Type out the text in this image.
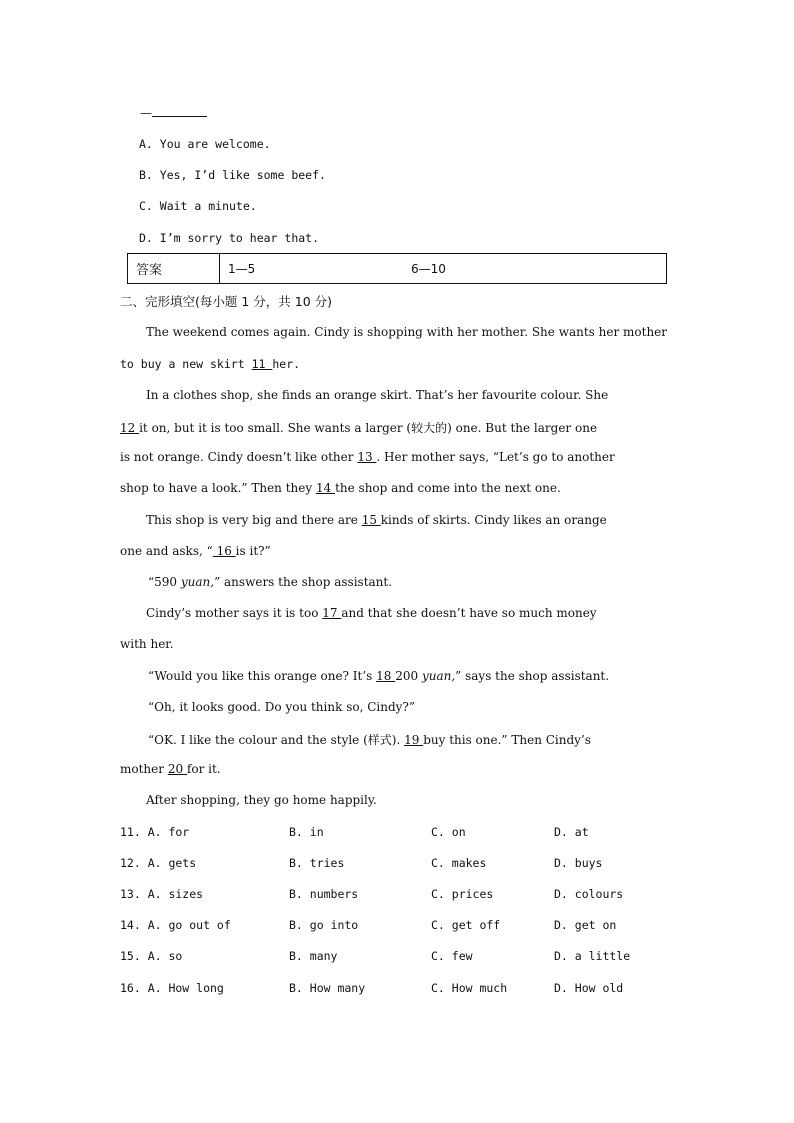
—
A. You are welcome.
B. Yes, I’d like some beef.
C. Wait a minute.
D. I’m sorry to hear that.
答案	1—5	6—10
二、完形填空(每小题 1 分，共 10 分)
The weekend comes again. Cindy is shopping with her mother. She wants her mother
to buy a new skirt 11 her.
In a clothes shop, she finds an orange skirt. That’s her favourite colour. She
12 it on, but it is too small. She wants a larger (较大的) one. But the larger one
is not orange. Cindy doesn’t like other 13 . Her mother says, “Let’s go to another
shop to have a look.” Then they 14 the shop and come into the next one.
This shop is very big and there are 15 kinds of skirts. Cindy likes an orange
one and asks, “ 16 is it?”
“590 yuan,” answers the shop assistant.
Cindy’s mother says it is too 17 and that she doesn’t have so much money
with her.
“Would you like this orange one? It’s 18 200 yuan,” says the shop assistant.
“Oh, it looks good. Do you think so, Cindy?”
“OK. I like the colour and the style (样式). 19 buy this one.” Then Cindy’s
mother 20 for it.
After shopping, they go home happily.
11. A. for	B. in	C. on	D. at
12. A. gets	B. tries	C. makes	D. buys
13. A. sizes	B. numbers	C. prices	D. colours
14. A. go out of	B. go into	C. get off	D. get on
15. A. so	B. many	C. few	D. a little
16. A. How long	B. How many	C. How much	D. How old
